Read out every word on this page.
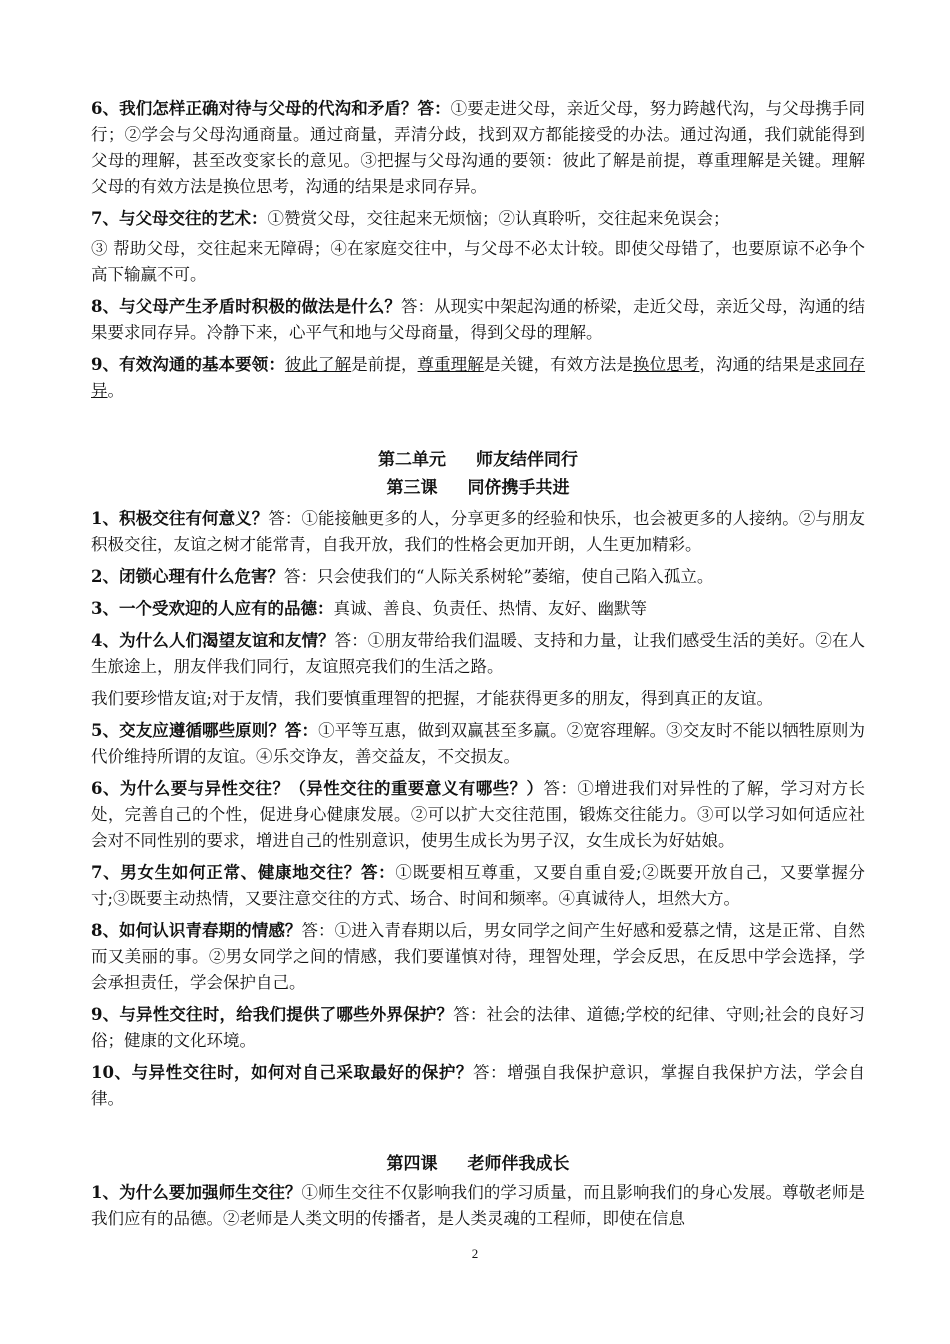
6、我们怎样正确对待与父母的代沟和矛盾？答：①要走进父母，亲近父母，努力跨越代沟，与父母携手同行；②学会与父母沟通商量。通过商量，弄清分歧，找到双方都能接受的办法。通过沟通，我们就能得到父母的理解，甚至改变家长的意见。③把握与父母沟通的要领：彼此了解是前提，尊重理解是关键。理解父母的有效方法是换位思考，沟通的结果是求同存异。

7、与父母交往的艺术：①赞赏父母，交往起来无烦恼；②认真聆听，交往起来免误会；

③ 帮助父母，交往起来无障碍；④在家庭交往中，与父母不必太计较。即使父母错了，也要原谅不必争个高下输赢不可。

8、与父母产生矛盾时积极的做法是什么？答：从现实中架起沟通的桥梁，走近父母，亲近父母，沟通的结果要求同存异。冷静下来，心平气和地与父母商量，得到父母的理解。

9、有效沟通的基本要领：彼此了解是前提，尊重理解是关键，有效方法是换位思考，沟通的结果是求同存异。

第二单元 师友结伴同行

第三课 同侪携手共进

1、积极交往有何意义？答：①能接触更多的人，分享更多的经验和快乐，也会被更多的人接纳。②与朋友积极交往，友谊之树才能常青，自我开放，我们的性格会更加开朗，人生更加精彩。

2、闭锁心理有什么危害？答：只会使我们的“人际关系树轮”萎缩，使自己陷入孤立。

3、一个受欢迎的人应有的品德：真诚、善良、负责任、热情、友好、幽默等

4、为什么人们渴望友谊和友情？答：①朋友带给我们温暖、支持和力量，让我们感受生活的美好。②在人生旅途上，朋友伴我们同行，友谊照亮我们的生活之路。

我们要珍惜友谊;对于友情，我们要慎重理智的把握，才能获得更多的朋友，得到真正的友谊。

5、交友应遵循哪些原则？答：①平等互惠，做到双赢甚至多赢。②宽容理解。③交友时不能以牺牲原则为代价维持所谓的友谊。④乐交诤友，善交益友，不交损友。

6、为什么要与异性交往？（异性交往的重要意义有哪些？）答：①增进我们对异性的了解，学习对方长处，完善自己的个性，促进身心健康发展。②可以扩大交往范围，锻炼交往能力。③可以学习如何适应社会对不同性别的要求，增进自己的性别意识，使男生成长为男子汉，女生成长为好姑娘。

7、男女生如何正常、健康地交往？答：①既要相互尊重，又要自重自爱;②既要开放自己，又要掌握分寸;③既要主动热情，又要注意交往的方式、场合、时间和频率。④真诚待人，坦然大方。

8、如何认识青春期的情感？答：①进入青春期以后，男女同学之间产生好感和爱慕之情，这是正常、自然而又美丽的事。②男女同学之间的情感，我们要谨慎对待，理智处理，学会反思，在反思中学会选择，学会承担责任，学会保护自己。

9、与异性交往时，给我们提供了哪些外界保护？答：社会的法律、道德;学校的纪律、守则;社会的良好习俗；健康的文化环境。

10、与异性交往时，如何对自己采取最好的保护？答：增强自我保护意识，掌握自我保护方法，学会自律。

第四课 老师伴我成长

1、为什么要加强师生交往？①师生交往不仅影响我们的学习质量，而且影响我们的身心发展。尊敬老师是我们应有的品德。②老师是人类文明的传播者，是人类灵魂的工程师，即使在信息

2
